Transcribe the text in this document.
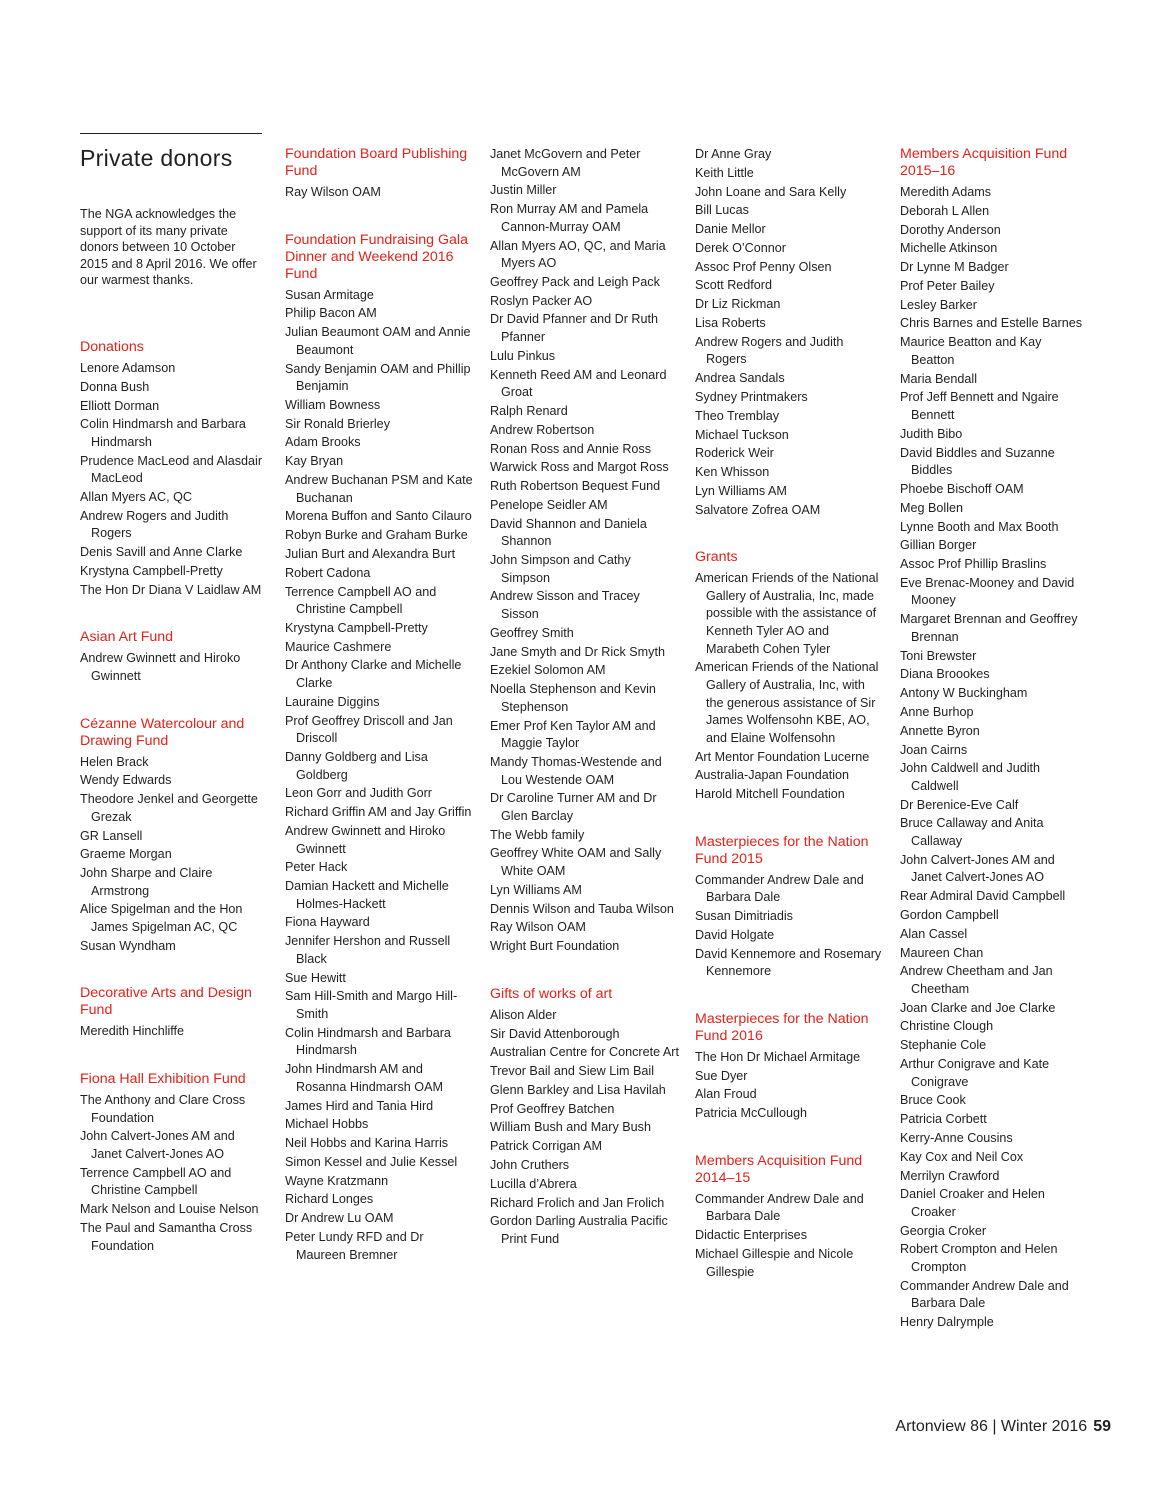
Private donors
The NGA acknowledges the support of its many private donors between 10 October 2015 and 8 April 2016. We offer our warmest thanks.
Donations
Lenore Adamson
Donna Bush
Elliott Dorman
Colin Hindmarsh and Barbara Hindmarsh
Prudence MacLeod and Alasdair MacLeod
Allan Myers AC, QC
Andrew Rogers and Judith Rogers
Denis Savill and Anne Clarke
Krystyna Campbell-Pretty
The Hon Dr Diana V Laidlaw AM
Asian Art Fund
Andrew Gwinnett and Hiroko Gwinnett
Cézanne Watercolour and Drawing Fund
Helen Brack
Wendy Edwards
Theodore Jenkel and Georgette Grezak
GR Lansell
Graeme Morgan
John Sharpe and Claire Armstrong
Alice Spigelman and the Hon James Spigelman AC, QC
Susan Wyndham
Decorative Arts and Design Fund
Meredith Hinchliffe
Fiona Hall Exhibition Fund
The Anthony and Clare Cross Foundation
John Calvert-Jones AM and Janet Calvert-Jones AO
Terrence Campbell AO and Christine Campbell
Mark Nelson and Louise Nelson
The Paul and Samantha Cross Foundation
Foundation Board Publishing Fund
Ray Wilson OAM
Foundation Fundraising Gala Dinner and Weekend 2016 Fund
Susan Armitage
Philip Bacon AM
Julian Beaumont OAM and Annie Beaumont
Sandy Benjamin OAM and Phillip Benjamin
William Bowness
Sir Ronald Brierley
Adam Brooks
Kay Bryan
Andrew Buchanan PSM and Kate Buchanan
Morena Buffon and Santo Cilauro
Robyn Burke and Graham Burke
Julian Burt and Alexandra Burt
Robert Cadona
Terrence Campbell AO and Christine Campbell
Krystyna Campbell-Pretty
Maurice Cashmere
Dr Anthony Clarke and Michelle Clarke
Lauraine Diggins
Prof Geoffrey Driscoll and Jan Driscoll
Danny Goldberg and Lisa Goldberg
Leon Gorr and Judith Gorr
Richard Griffin AM and Jay Griffin
Andrew Gwinnett and Hiroko Gwinnett
Peter Hack
Damian Hackett and Michelle Holmes-Hackett
Fiona Hayward
Jennifer Hershon and Russell Black
Sue Hewitt
Sam Hill-Smith and Margo Hill-Smith
Colin Hindmarsh and Barbara Hindmarsh
John Hindmarsh AM and Rosanna Hindmarsh OAM
James Hird and Tania Hird
Michael Hobbs
Neil Hobbs and Karina Harris
Simon Kessel and Julie Kessel
Wayne Kratzmann
Richard Longes
Dr Andrew Lu OAM
Peter Lundy RFD and Dr Maureen Bremner
Janet McGovern and Peter McGovern AM
Justin Miller
Ron Murray AM and Pamela Cannon-Murray OAM
Allan Myers AO, QC, and Maria Myers AO
Geoffrey Pack and Leigh Pack
Roslyn Packer AO
Dr David Pfanner and Dr Ruth Pfanner
Lulu Pinkus
Kenneth Reed AM and Leonard Groat
Ralph Renard
Andrew Robertson
Ronan Ross and Annie Ross
Warwick Ross and Margot Ross
Ruth Robertson Bequest Fund
Penelope Seidler AM
David Shannon and Daniela Shannon
John Simpson and Cathy Simpson
Andrew Sisson and Tracey Sisson
Geoffrey Smith
Jane Smyth and Dr Rick Smyth
Ezekiel Solomon AM
Noella Stephenson and Kevin Stephenson
Emer Prof Ken Taylor AM and Maggie Taylor
Mandy Thomas-Westende and Lou Westende OAM
Dr Caroline Turner AM and Dr Glen Barclay
The Webb family
Geoffrey White OAM and Sally White OAM
Lyn Williams AM
Dennis Wilson and Tauba Wilson
Ray Wilson OAM
Wright Burt Foundation
Gifts of works of art
Alison Alder
Sir David Attenborough
Australian Centre for Concrete Art
Trevor Bail and Siew Lim Bail
Glenn Barkley and Lisa Havilah
Prof Geoffrey Batchen
William Bush and Mary Bush
Patrick Corrigan AM
John Cruthers
Lucilla d’Abrera
Richard Frolich and Jan Frolich
Gordon Darling Australia Pacific Print Fund
Dr Anne Gray
Keith Little
John Loane and Sara Kelly
Bill Lucas
Danie Mellor
Derek O’Connor
Assoc Prof Penny Olsen
Scott Redford
Dr Liz Rickman
Lisa Roberts
Andrew Rogers and Judith Rogers
Andrea Sandals
Sydney Printmakers
Theo Tremblay
Michael Tuckson
Roderick Weir
Ken Whisson
Lyn Williams AM
Salvatore Zofrea OAM
Grants
American Friends of the National Gallery of Australia, Inc, made possible with the assistance of Kenneth Tyler AO and Marabeth Cohen Tyler
American Friends of the National Gallery of Australia, Inc, with the generous assistance of Sir James Wolfensohn KBE, AO, and Elaine Wolfensohn
Art Mentor Foundation Lucerne
Australia-Japan Foundation
Harold Mitchell Foundation
Masterpieces for the Nation Fund 2015
Commander Andrew Dale and Barbara Dale
Susan Dimitriadis
David Holgate
David Kennemore and Rosemary Kennemore
Masterpieces for the Nation Fund 2016
The Hon Dr Michael Armitage
Sue Dyer
Alan Froud
Patricia McCullough
Members Acquisition Fund 2014–15
Commander Andrew Dale and Barbara Dale
Didactic Enterprises
Michael Gillespie and Nicole Gillespie
Members Acquisition Fund 2015–16
Meredith Adams
Deborah L Allen
Dorothy Anderson
Michelle Atkinson
Dr Lynne M Badger
Prof Peter Bailey
Lesley Barker
Chris Barnes and Estelle Barnes
Maurice Beatton and Kay Beatton
Maria Bendall
Prof Jeff Bennett and Ngaire Bennett
Judith Bibo
David Biddles and Suzanne Biddles
Phoebe Bischoff OAM
Meg Bollen
Lynne Booth and Max Booth
Gillian Borger
Assoc Prof Phillip Braslins
Eve Brenac-Mooney and David Mooney
Margaret Brennan and Geoffrey Brennan
Toni Brewster
Diana Broookes
Antony W Buckingham
Anne Burhop
Annette Byron
Joan Cairns
John Caldwell and Judith Caldwell
Dr Berenice-Eve Calf
Bruce Callaway and Anita Callaway
John Calvert-Jones AM and Janet Calvert-Jones AO
Rear Admiral David Campbell
Gordon Campbell
Alan Cassel
Maureen Chan
Andrew Cheetham and Jan Cheetham
Joan Clarke and Joe Clarke
Christine Clough
Stephanie Cole
Arthur Conigrave and Kate Conigrave
Bruce Cook
Patricia Corbett
Kerry-Anne Cousins
Kay Cox and Neil Cox
Merrilyn Crawford
Daniel Croaker and Helen Croaker
Georgia Croker
Robert Crompton and Helen Crompton
Commander Andrew Dale and Barbara Dale
Henry Dalrymple
Artonview 86 | Winter 2016 59
